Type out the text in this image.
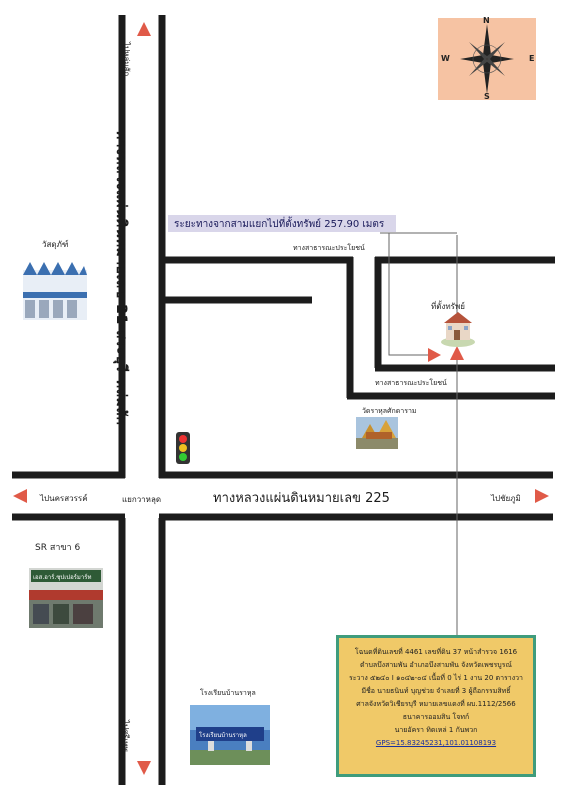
N
S
E
W
ระยะทางจากสามแยกไปที่ตั้งทรัพย์ 257.90 เมตร
ทางหลวงแผ่นดินหมายเลข 21 สระบุรี-หล่มสัก
ไปหล่มสัก
ไปศรีเทพ
ทางหลวงแผ่นดินหมายเลข 225
ไปนครสวรรค์	ไปชัยภูมิ
แยกวาหลุด
ทางสาธารณะประโยชน์
ทางสาธารณะประโยชน์
ที่ตั้งทรัพย์
วัดราหุลศักดาราม
วัสดุภัฑ์
โรงเรียนบ้านราหุล
SR สาขา 6
เอส.อาร์.ซุปเปอร์มาร์ท
โรงเรียนบ้านราหุล
โฉนดที่ดินเลขที่ 4461 เลขที่ดิน 37 หน้าสำรวจ 1616
ตำบลบึงสามพัน อำเภอบึงสามพัน จังหวัดเพชรบูรณ์
ระวาง ๕๒๔๐ I ๑๐๔๒-๐๔ เนื้อที่ 0 ไร่ 1 งาน 20 ตารางวา
มีชื่อ นายธนินท์ บุญช่วย จำเลยที่ 3 ผู้ถือกรรมสิทธิ์
ศาลจังหวัดวิเชียรบุรี หมายเลขแดงที่ ผบ.1112/2566
ธนาคารออมสิน โจทก์
นายอัครา ทิดเหล่ 1 กันพวก
GPS=15.83245231,101.01108193
